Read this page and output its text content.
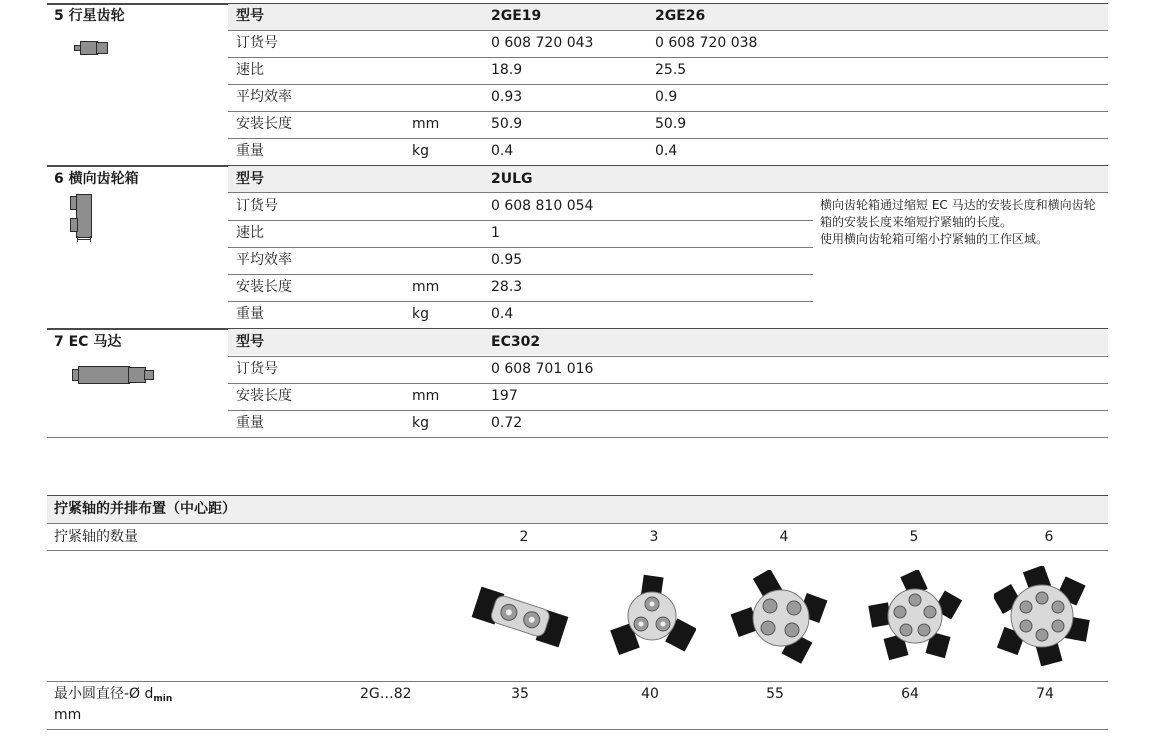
5 行星齿轮	型号	2GE19	2GE26
订货号	0 608 720 043	0 608 720 038
速比	18.9	25.5
平均效率	0.93	0.9
安装长度	mm	50.9	50.9
重量	kg	0.4	0.4
6 横向齿轮箱	型号	2ULG
订货号	0 608 810 054
速比	1
平均效率	0.95
安装长度	mm	28.3
重量	kg	0.4
横向齿轮箱通过缩短 EC 马达的安装长度和横向齿轮箱的安装长度来缩短拧紧轴的长度。
使用横向齿轮箱可缩小拧紧轴的工作区域。
7 EC 马达	型号	EC302
订货号	0 608 701 016
安装长度	mm	197
重量	kg	0.72
拧紧轴的并排布置（中心距）
拧紧轴的数量	2	3	4	5	6
最小圆直径-Ø $d_{min}$
mm
2G…82	35	40	55	64	74
